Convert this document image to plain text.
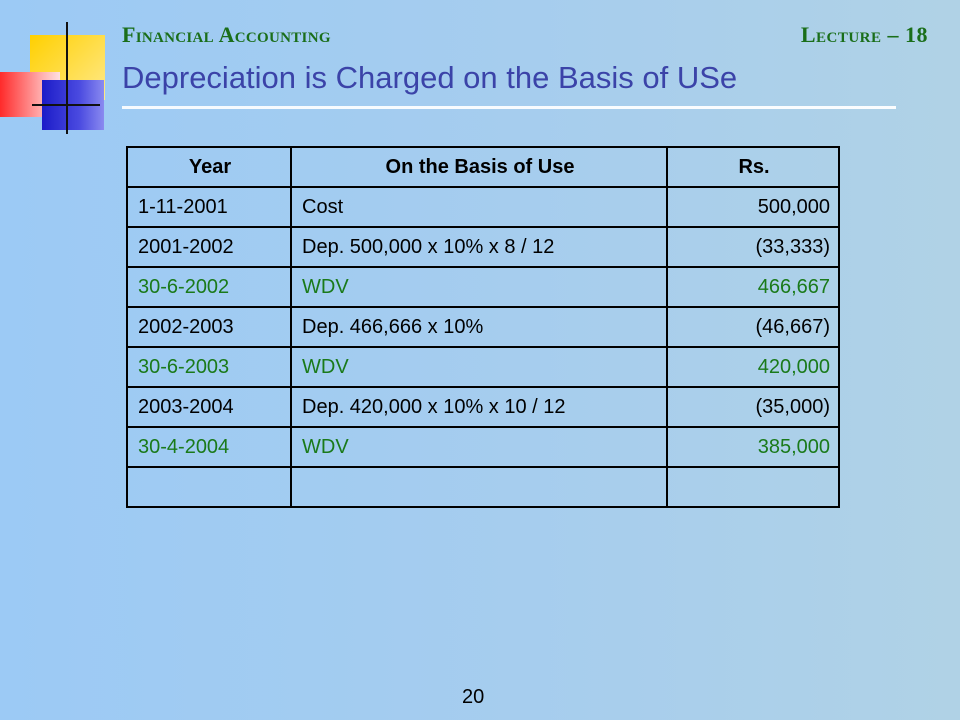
Financial Accounting	Lecture – 18
Depreciation is Charged on the Basis of USe
Year	On the Basis of Use	Rs.
1-11-2001	Cost	500,000
2001-2002	Dep. 500,000 x 10% x 8 / 12	(33,333)
30-6-2002	WDV	466,667
2002-2003	Dep. 466,666 x 10%	(46,667)
30-6-2003	WDV	420,000
2003-2004	Dep. 420,000 x 10% x 10 / 12	(35,000)
30-4-2004	WDV	385,000

20
